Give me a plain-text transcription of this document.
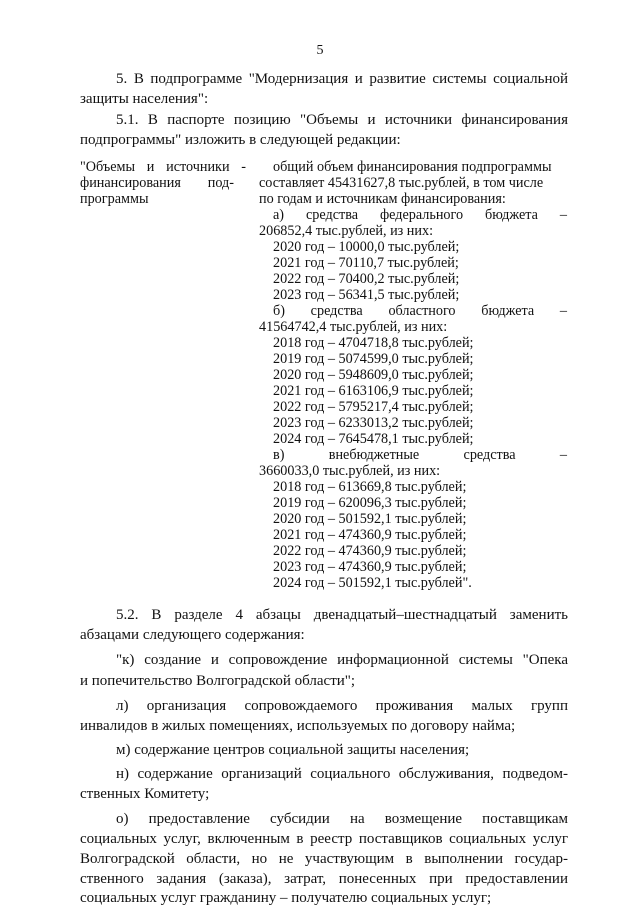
5
5. В подпрограмме "Модернизация и развитие системы социальной
защиты населения":
5.1. В паспорте позицию "Объемы и источники финансирования
подпрограммы" изложить в следующей редакции:
"Объемы и источники -
финансирования под-
программы
общий объем финансирования подпрограммы
составляет 45431627,8 тыс.рублей, в том числе
по годам и источникам финансирования:
а) средства федерального бюджета –
206852,4 тыс.рублей, из них:
2020 год – 10000,0 тыс.рублей;
2021 год – 70110,7 тыс.рублей;
2022 год – 70400,2 тыс.рублей;
2023 год – 56341,5 тыс.рублей;
б) средства областного бюджета –
41564742,4 тыс.рублей, из них:
2018 год – 4704718,8 тыс.рублей;
2019 год – 5074599,0 тыс.рублей;
2020 год – 5948609,0 тыс.рублей;
2021 год – 6163106,9 тыс.рублей;
2022 год – 5795217,4 тыс.рублей;
2023 год – 6233013,2 тыс.рублей;
2024 год – 7645478,1 тыс.рублей;
в) внебюджетные средства –
3660033,0 тыс.рублей, из них:
2018 год – 613669,8 тыс.рублей;
2019 год – 620096,3 тыс.рублей;
2020 год – 501592,1 тыс.рублей;
2021 год – 474360,9 тыс.рублей;
2022 год – 474360,9 тыс.рублей;
2023 год – 474360,9 тыс.рублей;
2024 год – 501592,1 тыс.рублей".
5.2. В разделе 4 абзацы двенадцатый–шестнадцатый заменить
абзацами следующего содержания:
"к) создание и сопровождение информационной системы "Опека
и попечительство Волгоградской области";
л) организация сопровождаемого проживания малых групп
инвалидов в жилых помещениях, используемых по договору найма;
м) содержание центров социальной защиты населения;
н) содержание организаций социального обслуживания, подведом-
ственных Комитету;
о) предоставление субсидии на возмещение поставщикам
социальных услуг, включенным в реестр поставщиков социальных услуг
Волгоградской области, но не участвующим в выполнении государ-
ственного задания (заказа), затрат, понесенных при предоставлении
социальных услуг гражданину – получателю социальных услуг;
